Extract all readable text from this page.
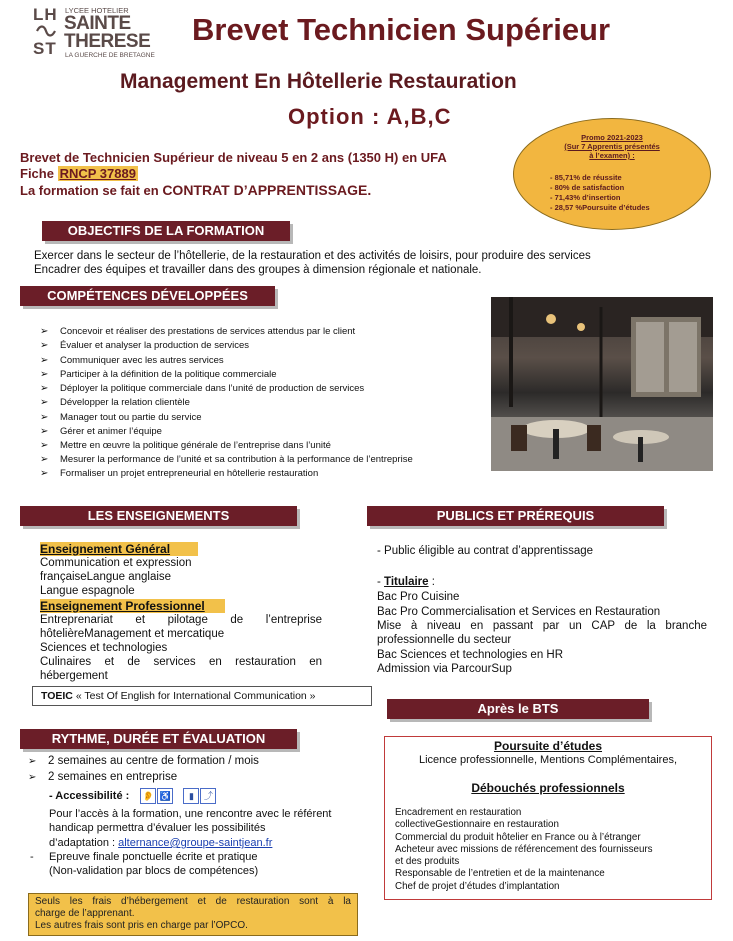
LH
ST
LYCEE HOTELIER
SAINTE
THERESE
LA GUERCHE DE BRETAGNE
Brevet Technicien Supérieur
Management En Hôtellerie Restauration
Option : A,B,C
Brevet de Technicien Supérieur de niveau 5 en 2 ans (1350 H) en UFA
Fiche RNCP 37889
La formation se fait en CONTRAT D’APPRENTISSAGE.
Promo 2021-2023
(Sur 7 Apprentis présentés
à l’examen) :
- 85,71% de réussite
- 80% de satisfaction
- 71,43% d’insertion
- 28,57 %Poursuite d’études
OBJECTIFS DE LA FORMATION
Exercer dans le secteur de l’hôtellerie, de la restauration et des activités de loisirs, pour produire des services
Encadrer des équipes et travailler dans des groupes à dimension régionale et nationale.
COMPÉTENCES DÉVELOPPÉES
➢ Concevoir et réaliser des prestations de services attendus par le client
➢ Évaluer et analyser la production de services
➢ Communiquer avec les autres services
➢ Participer à la définition de la politique commerciale
➢ Déployer la politique commerciale dans l’unité de production de services
➢ Développer la relation clientèle
➢ Manager tout ou partie du service
➢ Gérer et animer l’équipe
➢ Mettre en œuvre la politique générale de l’entreprise dans l’unité
➢ Mesurer la performance de l’unité et sa contribution à la performance de l’entreprise
➢ Formaliser un projet entrepreneurial en hôtellerie restauration
LES ENSEIGNEMENTS
Enseignement Général
Communication et expression
françaiseLangue anglaise
Langue espagnole
Enseignement Professionnel
Entreprenariat et pilotage de l’entreprise
hôtelièreManagement et mercatique
Sciences et technologies
Culinaires et de services en restauration en
hébergement
TOEIC « Test Of English for International Communication »
PUBLICS ET PRÉREQUIS
- Public éligible au contrat d’apprentissage
- Titulaire :
Bac Pro Cuisine
Bac Pro Commercialisation et Services en Restauration
Mise à niveau en passant par un CAP de la branche
professionnelle du secteur
Bac Sciences et technologies en HR
Admission via ParcourSup
Après le BTS
Poursuite d’études
Licence professionnelle, Mentions Complémentaires,
Débouchés professionnels
Encadrement en restauration
collectiveGestionnaire en restauration
Commercial du produit hôtelier en France ou à l’étranger
Acheteur avec missions de référencement des fournisseurs
et des produits
Responsable de l’entretien et de la maintenance
Chef de projet d’études d’implantation
RYTHME, DURÉE ET ÉVALUATION
➢ 2 semaines au centre de formation / mois
➢ 2 semaines en entreprise
- Accessibilité : 👂 ♿ ▮ ⤴
Pour l’accès à la formation, une rencontre avec le référent
handicap permettra d’évaluer les possibilités
d’adaptation : alternance@groupe-saintjean.fr
- Epreuve finale ponctuelle écrite et pratique
(Non-validation par blocs de compétences)
Seuls les frais d’hébergement et de restauration sont à la
charge de l’apprenant.
Les autres frais sont pris en charge par l’OPCO.
